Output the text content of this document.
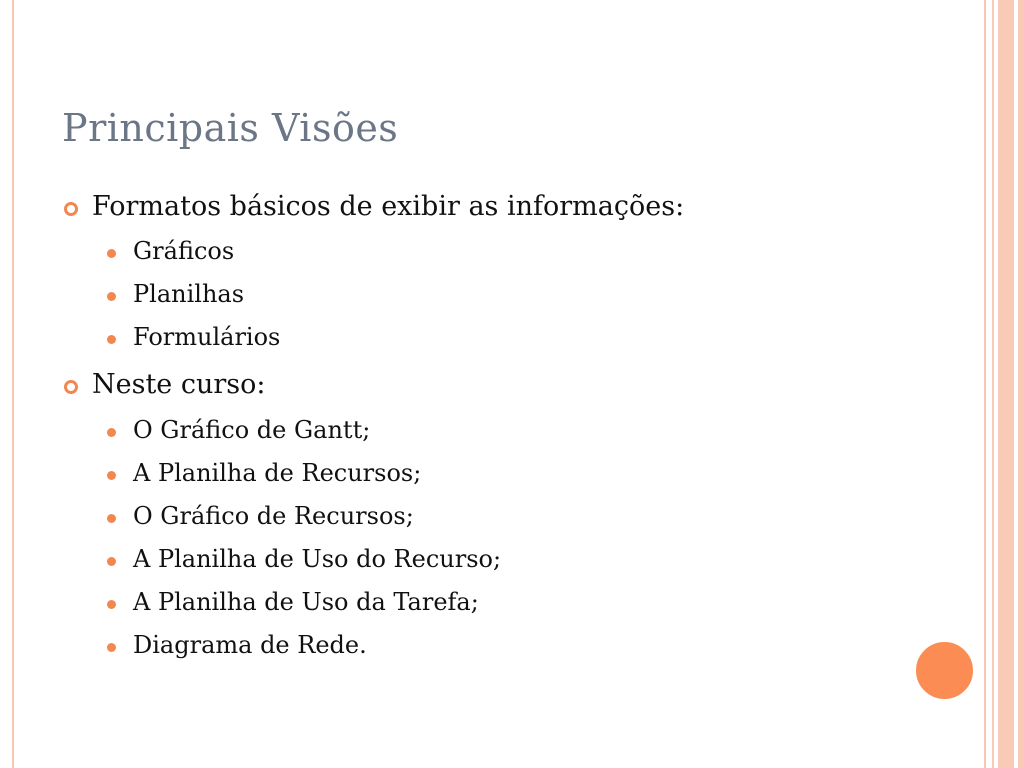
Principais Visões
Formatos básicos de exibir as informações:
Gráficos
Planilhas
Formulários
Neste curso:
O Gráfico de Gantt;
A Planilha de Recursos;
O Gráfico de Recursos;
A Planilha de Uso do Recurso;
A Planilha de Uso da Tarefa;
Diagrama de Rede.
